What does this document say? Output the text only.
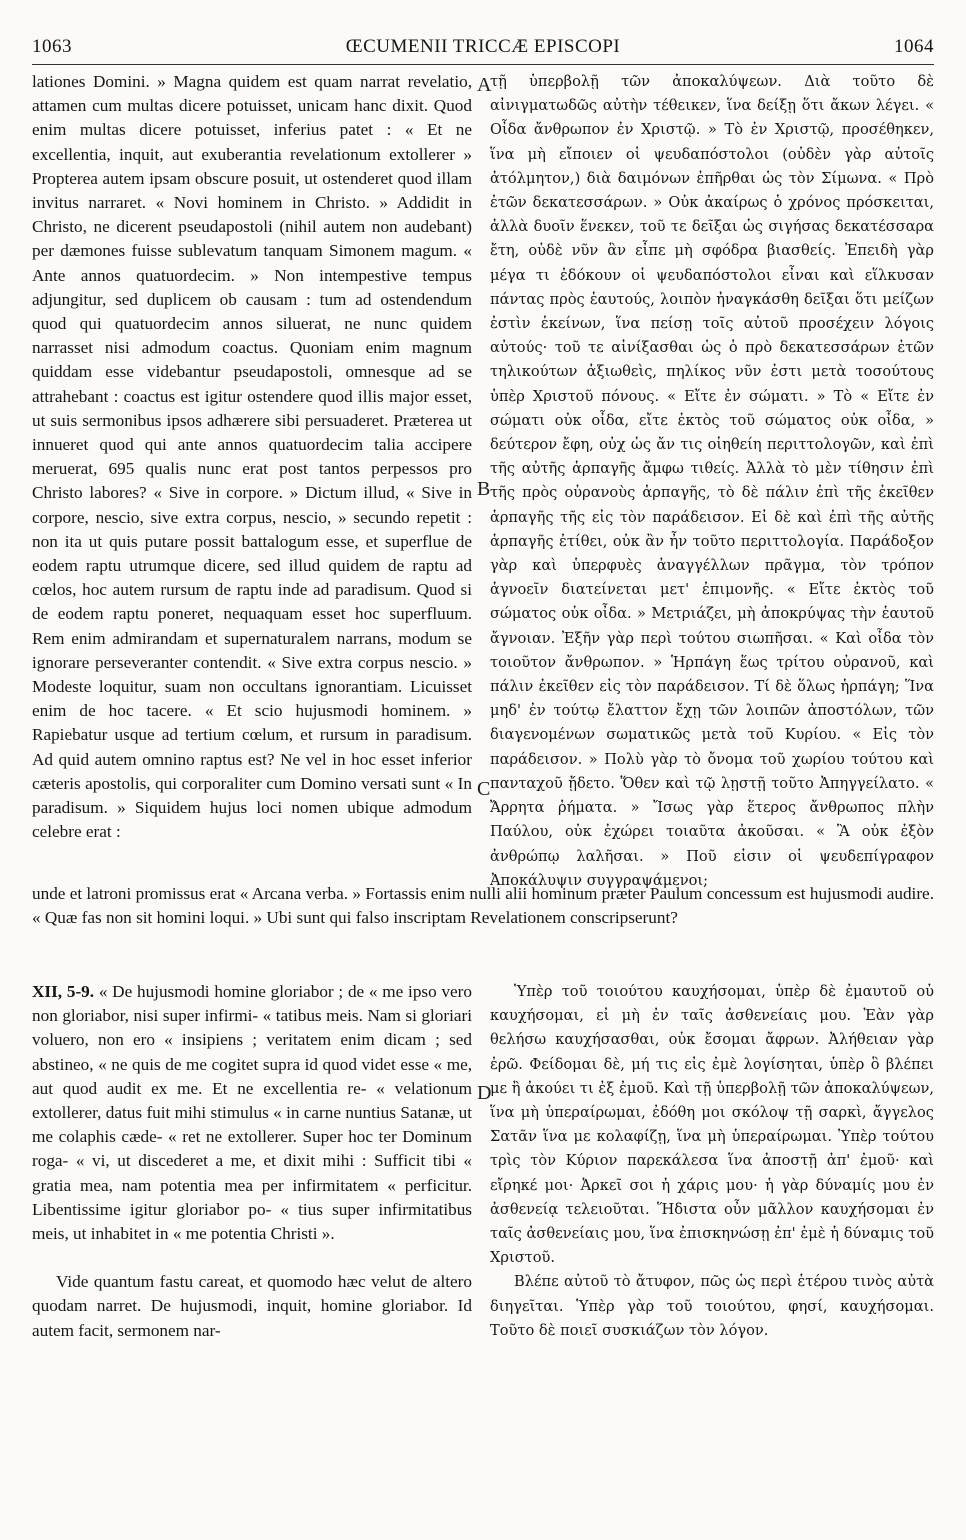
1063	ŒCUMENII TRICCÆ EPISCOPI	1064
A
B
C
D

lationes Domini. » Magna quidem est quam narrat revelatio, attamen cum multas dicere potuisset, unicam hanc dixit. Quod enim multas dicere potuisset, inferius patet : « Et ne excellentia, inquit, aut exuberantia revelationum extollerer » Propterea autem ipsam obscure posuit, ut ostenderet quod illam invitus narraret. « Novi hominem in Christo. » Addidit in Christo, ne dicerent pseudapostoli (nihil autem non audebant) per dæmones fuisse sublevatum tanquam Simonem magum. « Ante annos quatuordecim. » Non intempestive tempus adjungitur, sed duplicem ob causam : tum ad ostendendum quod qui quatuordecim annos siluerat, ne nunc quidem narrasset nisi admodum coactus. Quoniam enim magnum quiddam esse videbantur pseudapostoli, omnesque ad se attrahebant : coactus est igitur ostendere quod illis major esset, ut suis sermonibus ipsos adhærere sibi persuaderet. Præterea ut innueret quod qui ante annos quatuordecim talia accipere meruerat, 695 qualis nunc erat post tantos perpessos pro Christo labores? « Sive in corpore. » Dictum illud, « Sive in corpore, nescio, sive extra corpus, nescio, » secundo repetit : non ita ut quis putare possit battalogum esse, et superflue de eodem raptu utrumque dicere, sed illud quidem de raptu ad cœlos, hoc autem rursum de raptu inde ad paradisum. Quod si de eodem raptu poneret, nequaquam esset hoc superfluum. Rem enim admirandam et supernaturalem narrans, modum se ignorare perseveranter contendit. « Sive extra corpus nescio. » Modeste loquitur, suam non occultans ignorantiam. Licuisset enim de hoc tacere. « Et scio hujusmodi hominem. » Rapiebatur usque ad tertium cœlum, et rursum in paradisum. Ad quid autem omnino raptus est? Ne vel in hoc esset inferior cæteris apostolis, qui corporaliter cum Domino versati sunt « In paradisum. » Siquidem hujus loci nomen ubique admodum celebre erat :

τῇ ὑπερβολῇ τῶν ἀποκαλύψεων. Διὰ τοῦτο δὲ αἰνιγματωδῶς αὐτὴν τέθεικεν, ἵνα δείξῃ ὅτι ἄκων λέγει. « Οἶδα ἄνθρωπον ἐν Χριστῷ. » Τὸ ἐν Χριστῷ, προσέθηκεν, ἵνα μὴ εἴποιεν οἱ ψευδαπόστολοι (οὐδὲν γὰρ αὐτοῖς ἀτόλμητον,) διὰ δαιμόνων ἐπῆρθαι ὡς τὸν Σίμωνα. « Πρὸ ἐτῶν δεκατεσσάρων. » Οὐκ ἀκαίρως ὁ χρόνος πρόσκειται, ἀλλὰ δυοῖν ἕνεκεν, τοῦ τε δεῖξαι ὡς σιγήσας δεκατέσσαρα ἔτη, οὐδὲ νῦν ἂν εἶπε μὴ σφόδρα βιασθείς. Ἐπειδὴ γὰρ μέγα τι ἐδόκουν οἱ ψευδαπόστολοι εἶναι καὶ εἵλκυσαν πάντας πρὸς ἑαυτούς, λοιπὸν ἠναγκάσθη δεῖξαι ὅτι μείζων ἐστὶν ἐκείνων, ἵνα πείσῃ τοῖς αὐτοῦ προσέχειν λόγοις αὐτούς· τοῦ τε αἰνίξασθαι ὡς ὁ πρὸ δεκατεσσάρων ἐτῶν τηλικούτων ἀξιωθεὶς, πηλίκος νῦν ἐστι μετὰ τοσούτους ὑπὲρ Χριστοῦ πόνους. « Εἴτε ἐν σώματι. » Τὸ « Εἴτε ἐν σώματι οὐκ οἶδα, εἴτε ἐκτὸς τοῦ σώματος οὐκ οἶδα, » δεύτερον ἔφη, οὐχ ὡς ἄν τις οἰηθείη περιττολογῶν, καὶ ἐπὶ τῆς αὐτῆς ἁρπαγῆς ἄμφω τιθείς. Ἀλλὰ τὸ μὲν τίθησιν ἐπὶ τῆς πρὸς οὐρανοὺς ἁρπαγῆς, τὸ δὲ πάλιν ἐπὶ τῆς ἐκεῖθεν ἁρπαγῆς τῆς εἰς τὸν παράδεισον. Εἰ δὲ καὶ ἐπὶ τῆς αὐτῆς ἁρπαγῆς ἐτίθει, οὐκ ἂν ἦν τοῦτο περιττολογία. Παράδοξον γὰρ καὶ ὑπερφυὲς ἀναγγέλλων πρᾶγμα, τὸν τρόπον ἀγνοεῖν διατείνεται μετ' ἐπιμονῆς. « Εἴτε ἐκτὸς τοῦ σώματος οὐκ οἶδα. » Μετριάζει, μὴ ἀποκρύψας τὴν ἑαυτοῦ ἄγνοιαν. Ἐξῆν γὰρ περὶ τούτου σιωπῆσαι. « Καὶ οἶδα τὸν τοιοῦτον ἄνθρωπον. » Ἡρπάγη ἕως τρίτου οὐρανοῦ, καὶ πάλιν ἐκεῖθεν εἰς τὸν παράδεισον. Τί δὲ ὅλως ἡρπάγη; Ἵνα μηδ' ἐν τούτῳ ἔλαττον ἔχῃ τῶν λοιπῶν ἀποστόλων, τῶν διαγενομένων σωματικῶς μετὰ τοῦ Κυρίου. « Εἰς τὸν παράδεισον. » Πολὺ γὰρ τὸ ὄνομα τοῦ χωρίου τούτου καὶ πανταχοῦ ᾔδετο. Ὅθεν καὶ τῷ λῃστῇ τοῦτο Ἀπηγγείλατο. « Ἄρρητα ῥήματα. » Ἴσως γὰρ ἕτερος ἄνθρωπος πλὴν Παύλου, οὐκ ἐχώρει τοιαῦτα ἀκοῦσαι. « Ἃ οὐκ ἐξὸν ἀνθρώπῳ λαλῆσαι. » Ποῦ εἰσιν οἱ ψευδεπίγραφον Ἀποκάλυψιν συγγραψάμενοι;

unde et latroni promissus erat « Arcana verba. » Fortassis enim nulli alii hominum præter Paulum concessum est hujusmodi audire. « Quæ fas non sit homini loqui. » Ubi sunt qui falso inscriptam Revelationem conscripserunt?

XII, 5-9. « De hujusmodi homine gloriabor ; de « me ipso vero non gloriabor, nisi super infirmi- « tatibus meis. Nam si gloriari voluero, non ero « insipiens ; veritatem enim dicam ; sed abstineo, « ne quis de me cogitet supra id quod videt esse « me, aut quod audit ex me. Et ne excellentia re- « velationum extollerer, datus fuit mihi stimulus « in carne nuntius Satanæ, ut me colaphis cæde- « ret ne extollerer. Super hoc ter Dominum roga- « vi, ut discederet a me, et dixit mihi : Sufficit tibi « gratia mea, nam potentia mea per infirmitatem « perficitur. Libentissime igitur gloriabor po- « tius super infirmitatibus meis, ut inhabitet in « me potentia Christi ».

Vide quantum fastu careat, et quomodo hæc velut de altero quodam narret. De hujusmodi, inquit, homine gloriabor. Id autem facit, sermonem nar-

Ὑπὲρ τοῦ τοιούτου καυχήσομαι, ὑπὲρ δὲ ἐμαυτοῦ οὐ καυχήσομαι, εἰ μὴ ἐν ταῖς ἀσθενείαις μου. Ἐὰν γὰρ θελήσω καυχήσασθαι, οὐκ ἔσομαι ἄφρων. Ἀλήθειαν γὰρ ἐρῶ. Φείδομαι δὲ, μή τις εἰς ἐμὲ λογίσηται, ὑπὲρ ὃ βλέπει με ἢ ἀκούει τι ἐξ ἐμοῦ. Καὶ τῇ ὑπερβολῇ τῶν ἀποκαλύψεων, ἵνα μὴ ὑπεραίρωμαι, ἐδόθη μοι σκόλοψ τῇ σαρκὶ, ἄγγελος Σατᾶν ἵνα με κολαφίζῃ, ἵνα μὴ ὑπεραίρωμαι. Ὑπὲρ τούτου τρὶς τὸν Κύριον παρεκάλεσα ἵνα ἀποστῇ ἀπ' ἐμοῦ· καὶ εἴρηκέ μοι· Ἀρκεῖ σοι ἡ χάρις μου· ἡ γὰρ δύναμίς μου ἐν ἀσθενείᾳ τελειοῦται. Ἥδιστα οὖν μᾶλλον καυχήσομαι ἐν ταῖς ἀσθενείαις μου, ἵνα ἐπισκηνώσῃ ἐπ' ἐμὲ ἡ δύναμις τοῦ Χριστοῦ.

Βλέπε αὐτοῦ τὸ ἄτυφον, πῶς ὡς περὶ ἑτέρου τινὸς αὐτὰ διηγεῖται. Ὑπὲρ γὰρ τοῦ τοιούτου, φησί, καυχήσομαι. Τοῦτο δὲ ποιεῖ συσκιάζων τὸν λόγον.
